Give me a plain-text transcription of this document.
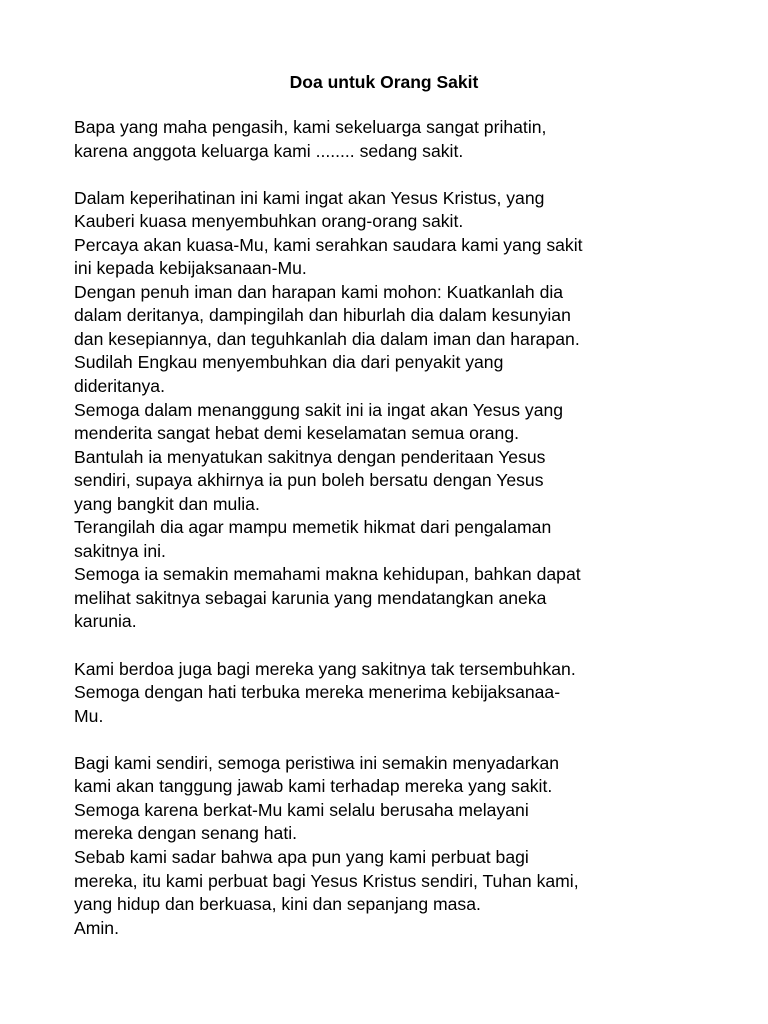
Doa untuk Orang Sakit
Bapa yang maha pengasih, kami sekeluarga sangat prihatin,
karena anggota keluarga kami ........ sedang sakit.
Dalam keperihatinan ini kami ingat akan Yesus Kristus, yang
Kauberi kuasa menyembuhkan orang-orang sakit.
Percaya akan kuasa-Mu, kami serahkan saudara kami yang sakit
ini kepada kebijaksanaan-Mu.
Dengan penuh iman dan harapan kami mohon: Kuatkanlah dia
dalam deritanya, dampingilah dan hiburlah dia dalam kesunyian
dan kesepiannya, dan teguhkanlah dia dalam iman dan harapan.
Sudilah Engkau menyembuhkan dia dari penyakit yang
dideritanya.
Semoga dalam menanggung sakit ini ia ingat akan Yesus yang
menderita sangat hebat demi keselamatan semua orang.
Bantulah ia menyatukan sakitnya dengan penderitaan Yesus
sendiri, supaya akhirnya ia pun boleh bersatu dengan Yesus
yang bangkit dan mulia.
Terangilah dia agar mampu memetik hikmat dari pengalaman
sakitnya ini.
Semoga ia semakin memahami makna kehidupan, bahkan dapat
melihat sakitnya sebagai karunia yang mendatangkan aneka
karunia.
Kami berdoa juga bagi mereka yang sakitnya tak tersembuhkan.
Semoga dengan hati terbuka mereka menerima kebijaksanaa-
Mu.
Bagi kami sendiri, semoga peristiwa ini semakin menyadarkan
kami akan tanggung jawab kami terhadap mereka yang sakit.
Semoga karena berkat-Mu kami selalu berusaha melayani
mereka dengan senang hati.
Sebab kami sadar bahwa apa pun yang kami perbuat bagi
mereka, itu kami perbuat bagi Yesus Kristus sendiri, Tuhan kami,
yang hidup dan berkuasa, kini dan sepanjang masa.
Amin.
